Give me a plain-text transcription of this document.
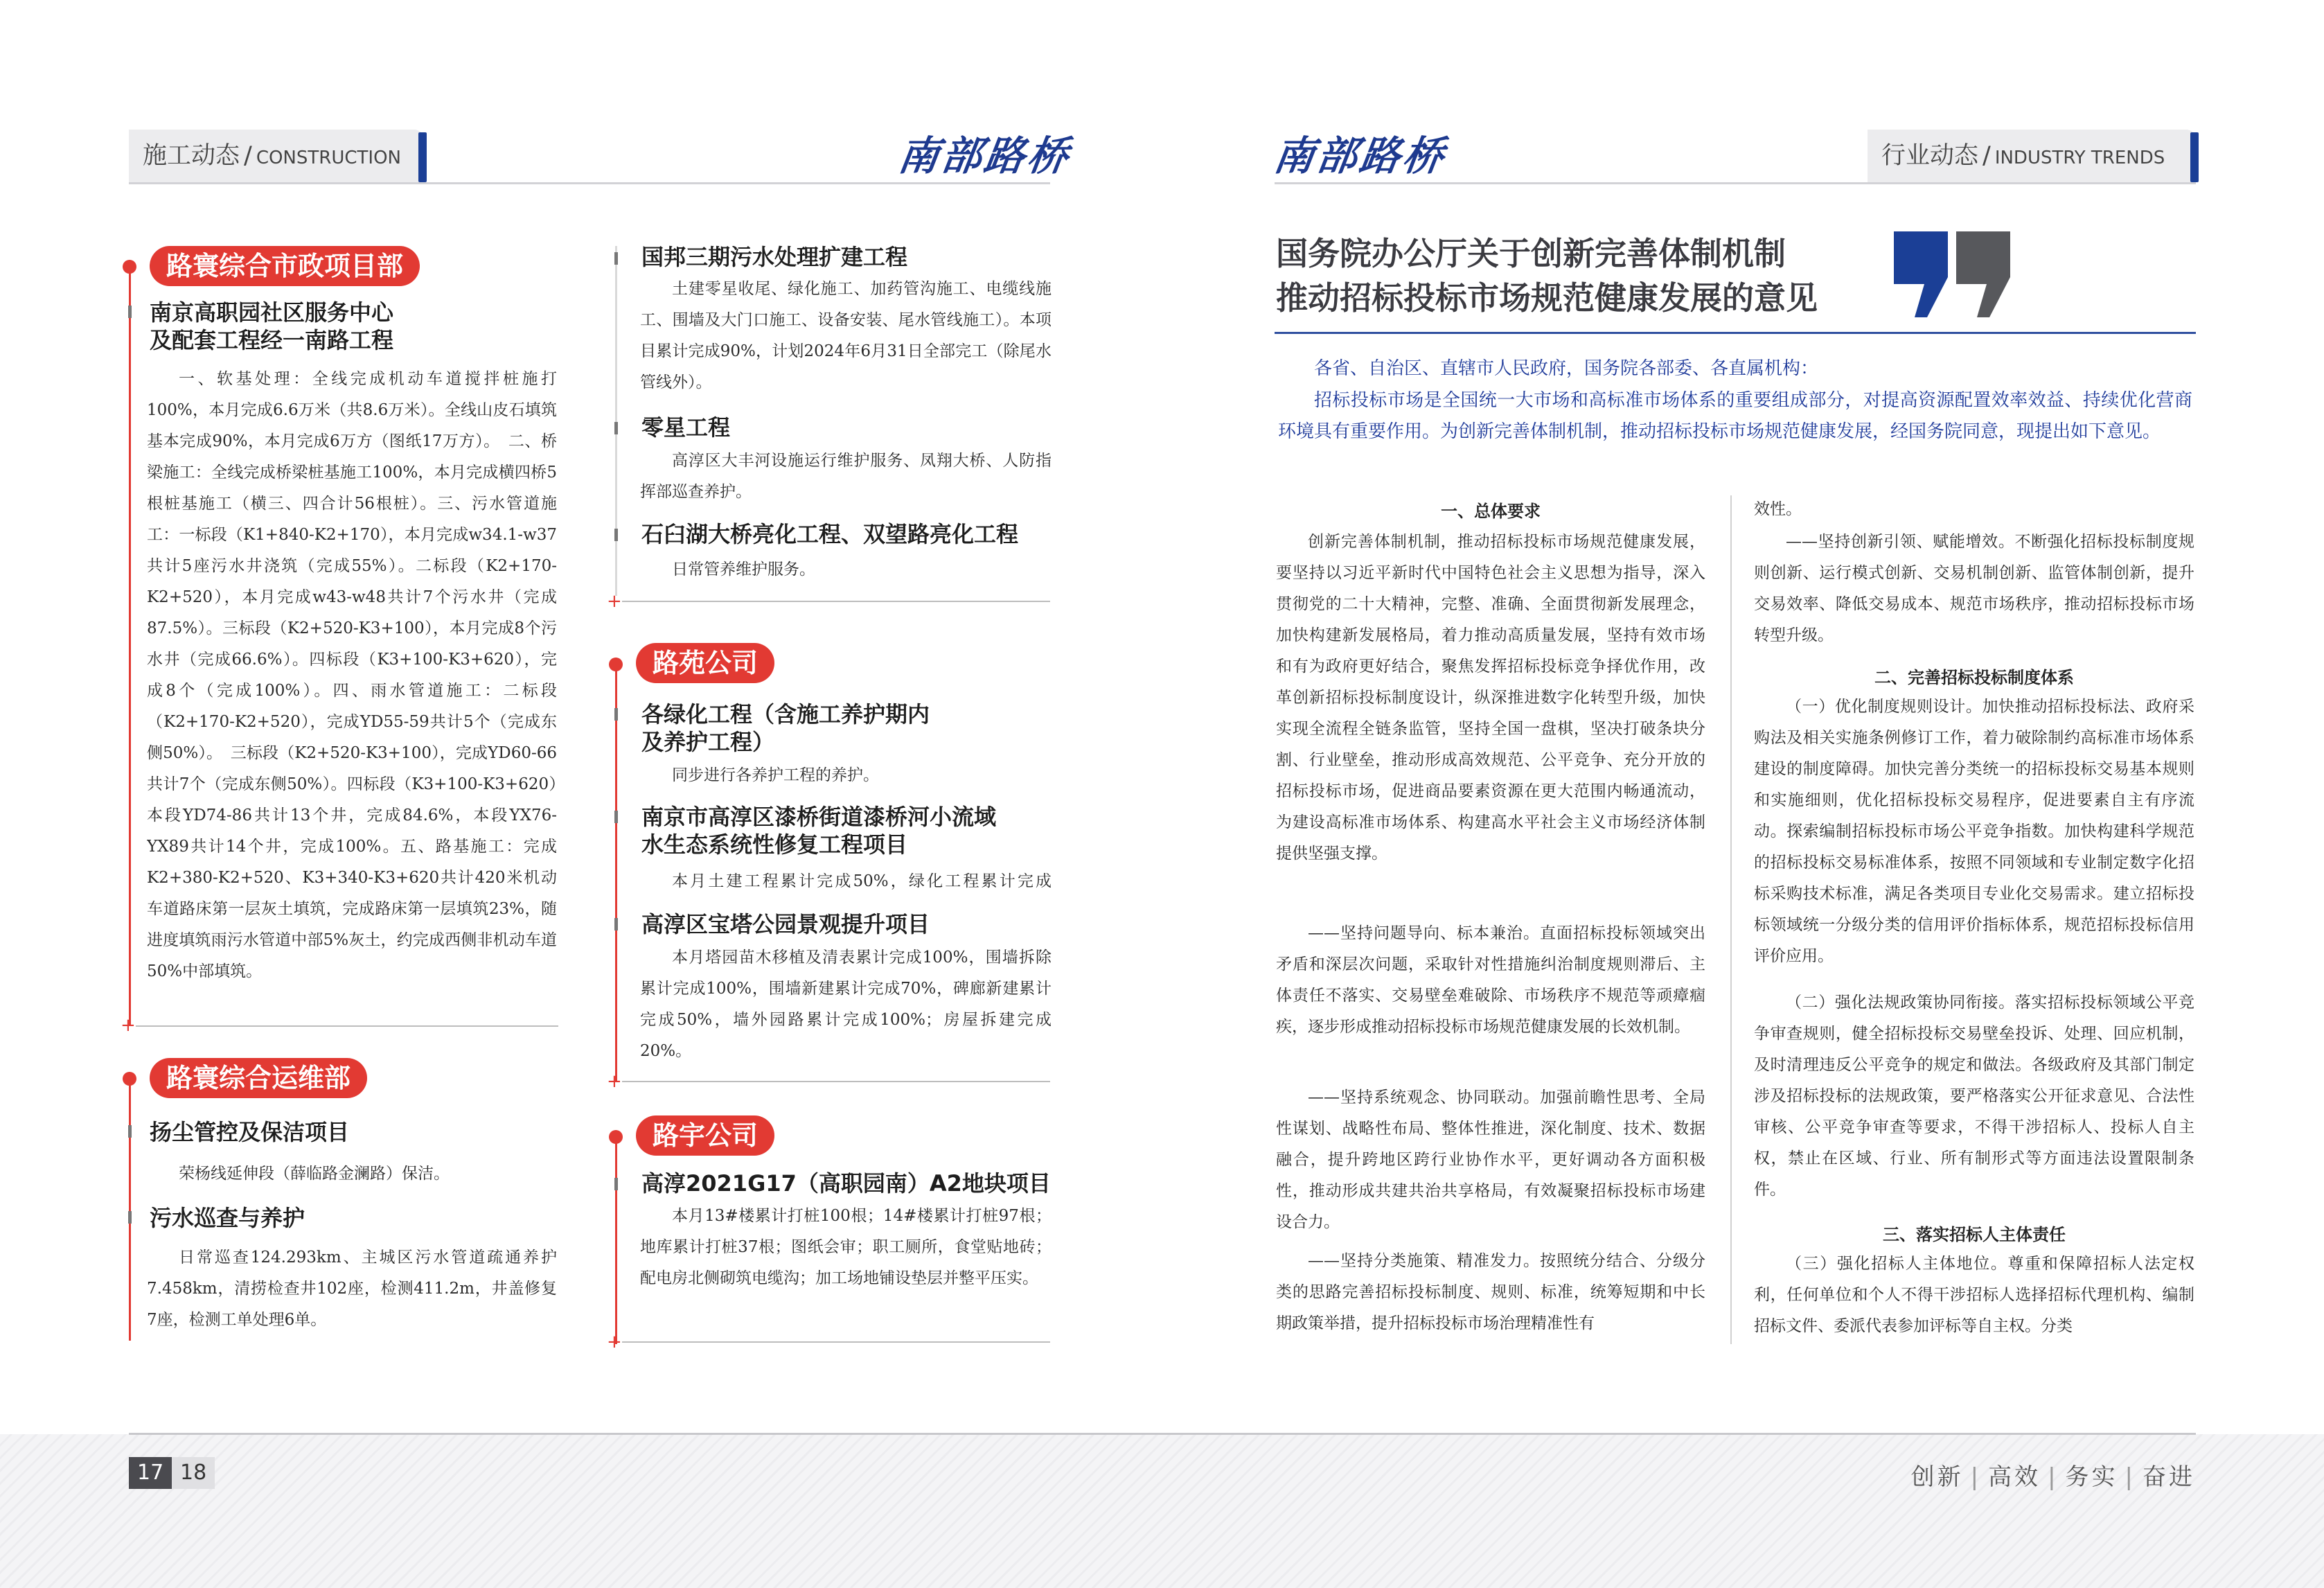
施工动态 / CONSTRUCTION	南部路桥
路寰综合市政项目部
南京高职园社区服务中心
及配套工程经一南路工程
一、软基处理：全线完成机动车道搅拌桩施打100%，本月完成6.6万米（共8.6万米）。全线山皮石填筑基本完成90%，本月完成6万方（图纸17万方）。　二、桥梁施工：全线完成桥梁桩基施工100%，本月完成横四桥5根桩基施工（横三、四合计56根桩）。三、污水管道施工：一标段（K1+840-K2+170），本月完成w34.1-w37共计5座污水井浇筑（完成55%）。二标段（K2+170-K2+520），本月完成w43-w48共计7个污水井（完成87.5%）。三标段（K2+520-K3+100），本月完成8个污水井（完成66.6%）。四标段（K3+100-K3+620），完成8个（完成100%）。四、雨水管道施工：二标段（K2+170-K2+520），完成YD55-59共计5个（完成东侧50%）。　三标段（K2+520-K3+100），完成YD60-66共计7个（完成东侧50%）。四标段（K3+100-K3+620）本段YD74-86共计13个井，完成84.6%，本段YX76-YX89共计14个井，完成100%。五、路基施工：完成K2+380-K2+520、K3+340-K3+620共计420米机动车道路床第一层灰土填筑，完成路床第一层填筑23%，随进度填筑雨污水管道中部5%灰土，约完成西侧非机动车道50%中部填筑。
+
路寰综合运维部
扬尘管控及保洁项目
荣杨线延伸段（薛临路金澜路）保洁。
污水巡查与养护
日常巡查124.293km、主城区污水管道疏通养护7.458km，清捞检查井102座，检测411.2m，井盖修复7座，检测工单处理6单。
国邦三期污水处理扩建工程
土建零星收尾、绿化施工、加药管沟施工、电缆线施工、围墙及大门口施工、设备安装、尾水管线施工）。本项目累计完成90%，计划2024年6月31日全部完工（除尾水管线外）。
零星工程
高淳区大丰河设施运行维护服务、凤翔大桥、人防指挥部巡查养护。
石臼湖大桥亮化工程、双望路亮化工程
日常管养维护服务。
+
路苑公司
各绿化工程（含施工养护期内
及养护工程）
同步进行各养护工程的养护。
南京市高淳区漆桥街道漆桥河小流域
水生态系统性修复工程项目
本月土建工程累计完成50%，绿化工程累计完成
高淳区宝塔公园景观提升项目
本月塔园苗木移植及清表累计完成100%，围墙拆除累计完成100%，围墙新建累计完成70%，碑廊新建累计完成50%，墙外园路累计完成100%；房屋拆建完成20%。
+
路宇公司
高淳2021G17（高职园南）A2地块项目
本月13#楼累计打桩100根；14#楼累计打桩97根；地库累计打桩37根；图纸会审；职工厕所，食堂贴地砖；配电房北侧砌筑电缆沟；加工场地铺设垫层并整平压实。
+
南部路桥	行业动态 / INDUSTRY TRENDS
国务院办公厅关于创新完善体制机制
推动招标投标市场规范健康发展的意见
各省、自治区、直辖市人民政府，国务院各部委、各直属机构：
招标投标市场是全国统一大市场和高标准市场体系的重要组成部分，对提高资源配置效率效益、持续优化营商环境具有重要作用。为创新完善体制机制，推动招标投标市场规范健康发展，经国务院同意，现提出如下意见。
一、总体要求
创新完善体制机制，推动招标投标市场规范健康发展，要坚持以习近平新时代中国特色社会主义思想为指导，深入贯彻党的二十大精神，完整、准确、全面贯彻新发展理念，加快构建新发展格局，着力推动高质量发展，坚持有效市场和有为政府更好结合，聚焦发挥招标投标竞争择优作用，改革创新招标投标制度设计，纵深推进数字化转型升级，加快实现全流程全链条监管，坚持全国一盘棋，坚决打破条块分割、行业壁垒，推动形成高效规范、公平竞争、充分开放的招标投标市场，促进商品要素资源在更大范围内畅通流动，为建设高标准市场体系、构建高水平社会主义市场经济体制提供坚强支撑。
——坚持问题导向、标本兼治。直面招标投标领域突出矛盾和深层次问题，采取针对性措施纠治制度规则滞后、主体责任不落实、交易壁垒难破除、市场秩序不规范等顽瘴痼疾，逐步形成推动招标投标市场规范健康发展的长效机制。
——坚持系统观念、协同联动。加强前瞻性思考、全局性谋划、战略性布局、整体性推进，深化制度、技术、数据融合，提升跨地区跨行业协作水平，更好调动各方面积极性，推动形成共建共治共享格局，有效凝聚招标投标市场建设合力。
——坚持分类施策、精准发力。按照统分结合、分级分类的思路完善招标投标制度、规则、标准，统筹短期和中长期政策举措，提升招标投标市场治理精准性有
效性。
——坚持创新引领、赋能增效。不断强化招标投标制度规则创新、运行模式创新、交易机制创新、监管体制创新，提升交易效率、降低交易成本、规范市场秩序，推动招标投标市场转型升级。
二、完善招标投标制度体系
（一）优化制度规则设计。加快推动招标投标法、政府采购法及相关实施条例修订工作，着力破除制约高标准市场体系建设的制度障碍。加快完善分类统一的招标投标交易基本规则和实施细则，优化招标投标交易程序，促进要素自主有序流动。探索编制招标投标市场公平竞争指数。加快构建科学规范的招标投标交易标准体系，按照不同领域和专业制定数字化招标采购技术标准，满足各类项目专业化交易需求。建立招标投标领域统一分级分类的信用评价指标体系，规范招标投标信用评价应用。
（二）强化法规政策协同衔接。落实招标投标领域公平竞争审查规则，健全招标投标交易壁垒投诉、处理、回应机制，及时清理违反公平竞争的规定和做法。各级政府及其部门制定涉及招标投标的法规政策，要严格落实公开征求意见、合法性审核、公平竞争审查等要求，不得干涉招标人、投标人自主权，禁止在区域、行业、所有制形式等方面违法设置限制条件。
三、落实招标人主体责任
（三）强化招标人主体地位。尊重和保障招标人法定权利，任何单位和个人不得干涉招标人选择招标代理机构、编制招标文件、委派代表参加评标等自主权。分类
17 18	创新 | 高效 | 务实 | 奋进
